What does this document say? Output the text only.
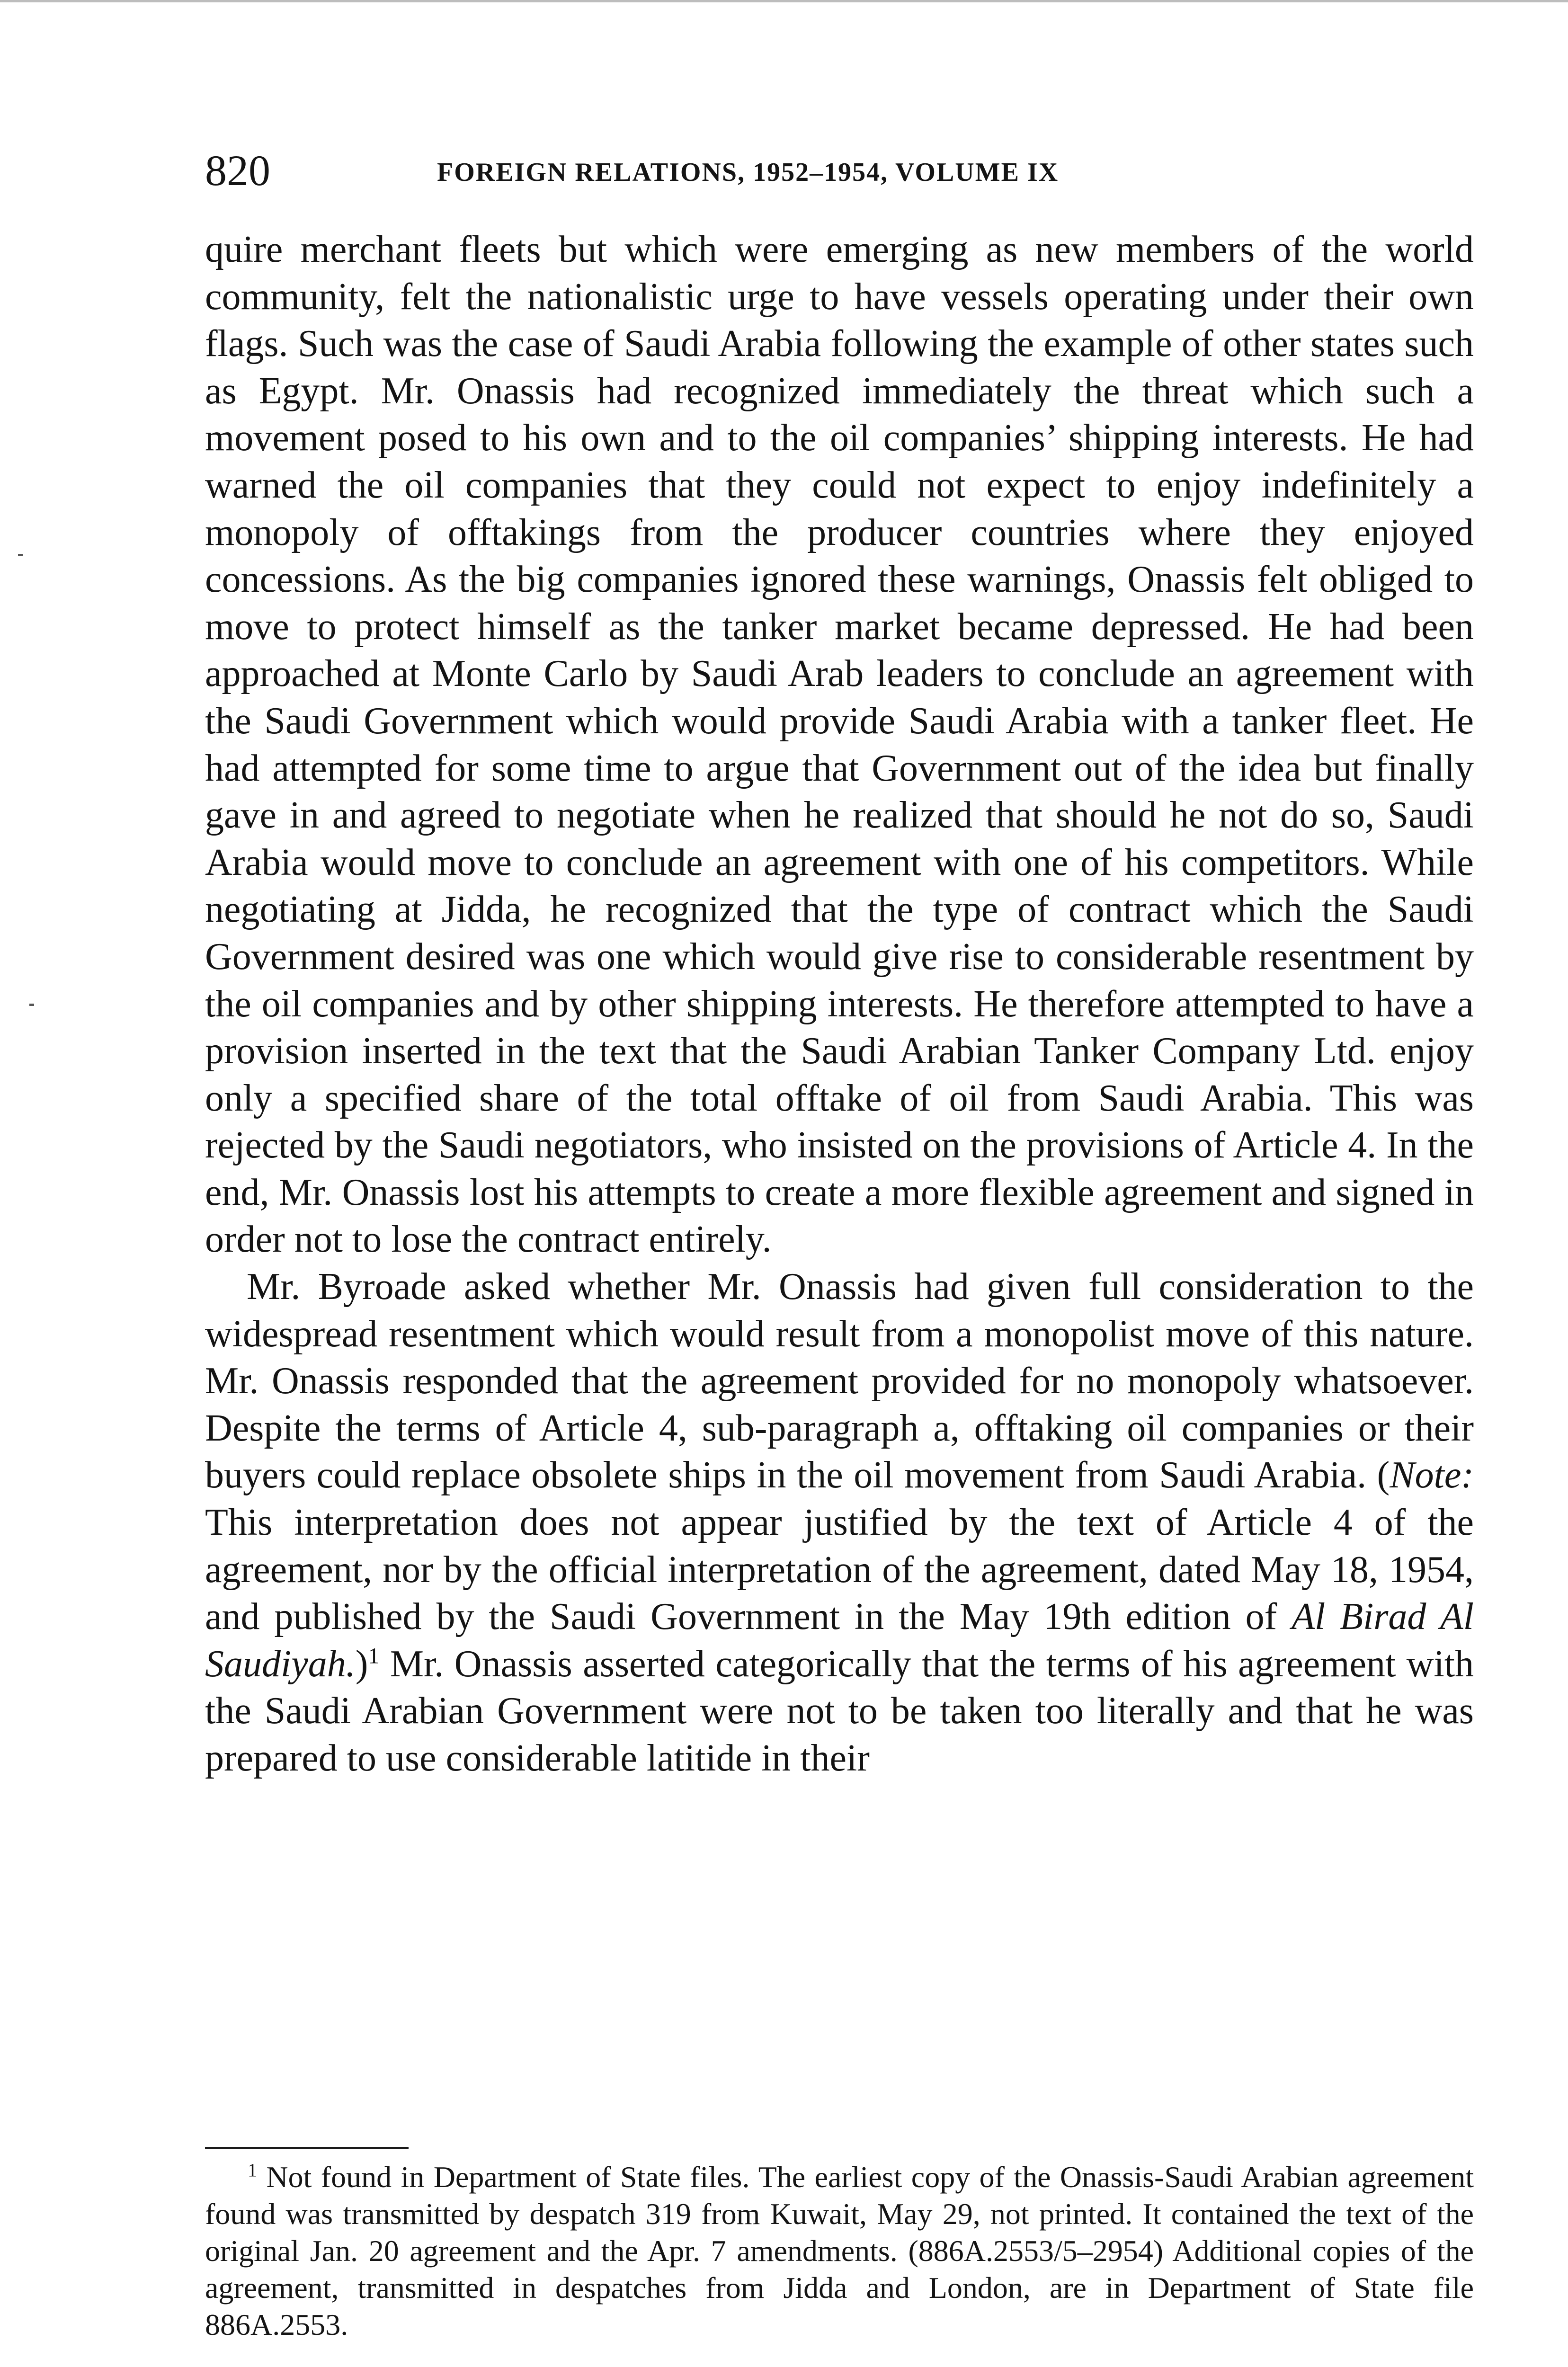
820	FOREIGN RELATIONS, 1952–1954, VOLUME IX

quire merchant fleets but which were emerging as new members of the world community, felt the nationalistic urge to have vessels operating under their own flags. Such was the case of Saudi Arabia following the example of other states such as Egypt. Mr. Onassis had recognized immediately the threat which such a movement posed to his own and to the oil companies’ shipping interests. He had warned the oil companies that they could not expect to enjoy indefinitely a monopoly of offtakings from the producer countries where they enjoyed concessions. As the big companies ignored these warnings, Onassis felt obliged to move to protect himself as the tanker market became depressed. He had been approached at Monte Carlo by Saudi Arab leaders to conclude an agreement with the Saudi Government which would provide Saudi Arabia with a tanker fleet. He had attempted for some time to argue that Government out of the idea but finally gave in and agreed to negotiate when he realized that should he not do so, Saudi Arabia would move to conclude an agreement with one of his competitors. While negotiating at Jidda, he recognized that the type of contract which the Saudi Government desired was one which would give rise to considerable resentment by the oil companies and by other shipping interests. He therefore attempted to have a provision inserted in the text that the Saudi Arabian Tanker Company Ltd. enjoy only a specified share of the total offtake of oil from Saudi Arabia. This was rejected by the Saudi negotiators, who insisted on the provisions of Article 4. In the end, Mr. Onassis lost his attempts to create a more flexible agreement and signed in order not to lose the contract entirely.

Mr. Byroade asked whether Mr. Onassis had given full consideration to the widespread resentment which would result from a monopolist move of this nature. Mr. Onassis responded that the agreement provided for no monopoly whatsoever. Despite the terms of Article 4, sub-paragraph a, offtaking oil companies or their buyers could replace obsolete ships in the oil movement from Saudi Arabia. (Note: This interpretation does not appear justified by the text of Article 4 of the agreement, nor by the official interpretation of the agreement, dated May 18, 1954, and published by the Saudi Government in the May 19th edition of Al Birad Al Saudiyah.)$^1$ Mr. Onassis asserted categorically that the terms of his agreement with the Saudi Arabian Government were not to be taken too literally and that he was prepared to use considerable latitide in their

$^1$ Not found in Department of State files. The earliest copy of the Onassis-Saudi Arabian agreement found was transmitted by despatch 319 from Kuwait, May 29, not printed. It contained the text of the original Jan. 20 agreement and the Apr. 7 amendments. (886A.2553/5–2954) Additional copies of the agreement, transmitted in despatches from Jidda and London, are in Department of State file 886A.2553.
